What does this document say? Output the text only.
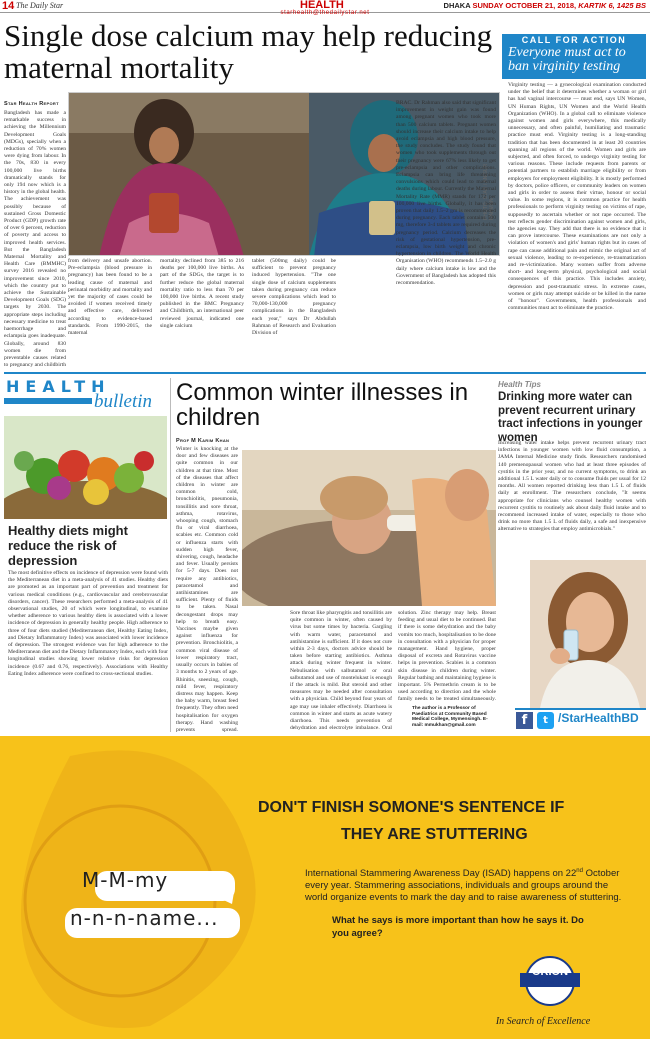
14 The Daily Star	HEALTH
starhealth@thedailystar.net
DHAKA SUNDAY OCTOBER 21, 2018, KARTIK 6, 1425 BS
Single dose calcium may help reducing maternal mortality
Star Health Report
Bangladesh has made a remarkable success in achieving the Millennium Development Goals (MDGs), specially when a reduction of 70% women were dying from labour. In the 70s, 830 in every 100,000 live births dramatically stands for only 194 now which is a history in the global health. The achievement was possibly because of sustained Gross Domestic Product (GDP) growth rate of over 6 percent, reduction of poverty and access to improved health services. But the Bangladesh Maternal Mortality and Health Care (BMMHC) survey 2016 revealed no improvement since 2010, which the country put to achieve the Sustainable Development Goals (SDG) targets by 2030. The appropriate steps including necessary medicine to treat haemorrhage and eclampsia goes inadequate. Globally, around 830 women die from preventable causes related to pregnancy and childbirth
PHOTO: STAR / ANISUR RAHMAN
from delivery and unsafe abortion. Pre-eclampsia (blood pressure in pregnancy) has been found to be a leading cause of maternal and perinatal morbidity and mortality and yet the majority of cases could be avoided if women received timely and effective care, delivered according to evidence-based standards. From 1990-2015, the maternal
mortality declined from 385 to 216 deaths per 100,000 live births. As part of the SDGs, the target is to further reduce the global maternal mortality ratio to less than 70 per 100,000 live births. A recent study published in the BMC Pregnancy and Childbirth, an international peer reviewed journal, indicated one single calcium
tablet (500mg daily) could be sufficient to prevent pregnancy induced hypertension. "The one single dose of calcium supplements taken during pregnancy can reduce severe complications which lead to 70,000-130,000 pregnancy complications in the Bangladesh each year," says Dr Abdullah Rahman of Research and Evaluation Division of
BRAC. Dr Rahman also said that significant improvement in weight gain was found among pregnant women who took more than 500 calcium tablets. Pregnant women should increase their calcium intake to help avoid eclampsia and high blood pressure, the study concludes. The study found that women who took supplements through out their pregnancy were 67% less likely to get pre-eclampsia and other complications. Eclampsia can bring life threatening convulsions which could lead to maternal deaths during labour. Currently the Maternal Mortality Rate (MMR) stands for 172 per 100,000 live births. Globally, it has been proven that daily 1.5–2 gm is recommended during pregnancy. Each tablet contains 500 mg, therefore 3-4 tablets are required during pregnancy period. Calcium decreases the risk of gestational hypertension, pre-eclampsia, low birth weight and chronic hypertension in children. The World Health Organisation (WHO) recommends 1.5–2.0 g daily where calcium intake is low and the Government of Bangladesh has adopted this recommendation.
CALL FOR ACTION
Everyone must act to ban virginity testing
Virginity testing — a gynecological examination conducted under the belief that it determines whether a woman or girl has had vaginal intercourse — must end, says UN Women, UN Human Rights, UN Women and the World Health Organization (WHO). In a global call to eliminate violence against women and girls everywhere, this medically unnecessary, and often painful, humiliating and traumatic practice must end. Virginity testing is a long-standing tradition that has been documented in at least 20 countries spanning all regions of the world. Women and girls are subjected, and often forced, to undergo virginity testing for various reasons. These include requests from parents or potential partners to establish marriage eligibility or from employers for employment eligibility. It is mostly performed by doctors, police officers, or community leaders on women and girls in order to assess their virtue, honour or social value. In some regions, it is common practice for health professionals to perform virginity testing on victims of rape, supposedly to ascertain whether or not rape occurred. The test reflects gender discrimination against women and girls, the agencies say. They add that there is no evidence that it can prove intercourse. These examinations are not only a violation of women's and girls' human rights but in cases of rape can cause additional pain and mimic the original act of sexual violence, leading to re-experience, re-traumatization and re-victimization. Many women suffer from adverse short- and long-term physical, psychological and social consequences of this practice. This includes anxiety, depression and post-traumatic stress. In extreme cases, women or girls may attempt suicide or be killed in the name of "honour". Governments, health professionals and communities must act to eliminate the practice.
HEALTH
bulletin
Healthy diets might reduce the risk of depression
The most definitive effects on incidence of depression were found with the Mediterranean diet in a meta-analysis of 41 studies. Healthy diets are promoted as an important part of prevention and treatment for various medical conditions (e.g., cardiovascular and cerebrovascular disorders, cancer). These researchers performed a meta-analysis of 41 observational studies, 20 of which were longitudinal, to examine whether adherence to various healthy diets is associated with a lower incidence of depression in generally healthy people. High adherence to three of four diets studied (Mediterranean diet, Healthy Eating Index, and Dietary Inflammatory Index) was associated with lower incidence of depression. The strongest evidence was for high adherence to the Mediterranean diet and the Dietary Inflammatory Index, each with four longitudinal studies showing lower relative risks for depression incidence (0.67 and 0.76, respectively). Associations with Healthy Eating Index adherence were confined to cross-sectional studies.
Common winter illnesses in children
Prof M Karim Khan
Winter is knocking at the door and few diseases are quite common in our children at that time. Most of the diseases that affect children in winter are common cold, bronchiolitis, pneumonia, tonsillitis and sore throat, asthma, rotavirus, whooping cough, stomach flu or viral diarrhoea, scabies etc. Common cold or influenza starts with sudden high fever, shivering, cough, headache and fever. Usually persists for 5-7 days. Does not require any antibiotics, paracetamol and antihistamines are sufficient. Plenty of fluids to be taken. Nasal decongestant drops may help to breath easy. Vaccines maybe given against influenza for prevention. Bronchiolitis, a common viral disease of lower respiratory tract, usually occurs in babies of 3 months to 2 years of age. Rhinitis, sneezing, cough, mild fever, respiratory distress may happen. Keep the baby warm, breast feed frequently. They often need hospitalisation for oxygen therapy. Hand washing prevents spread.
Sore throat like pharyngitis and tonsillitis are quite common in winter, often caused by virus but some times by bacteria. Gargling with warm water, paracetamol and antihistamine is sufficient. If it does not cure within 2-3 days, doctors advice should be taken before starting antibiotics. Asthma attack during winter frequent in winter. Nebulisation with salbutamol or oral salbutamol and use of montelukast is enough if the attack is mild. But steroid and other measures may be needed after consultation with a physician. Child beyond four years of age may use inhaler effectively. Diarrhoea is common in winter and starts as acute watery diarrhoea. This needs prevention of dehydration and electrolyte imbalance. Oral
solution. Zinc therapy may help. Breast feeding and usual diet to be continued. But if there is some dehydration and the baby vomits too much, hospitalisation to be done in consultation with a physician for proper management. Hand hygiene, proper disposal of excreta and Rotavirus vaccine helps in prevention. Scabies is a common skin disease in children during winter. Regular bathing and maintaining hygiene is important. 5% Permethrin cream is to be used according to direction and the whole family needs to be treated simultaneously.
The author is a Professor of Paediatrics at Community Based Medical College, Mymensingh. E-mail: mmukhan@gmail.com
Health Tips
Drinking more water can prevent recurrent urinary tract infections in younger women
Increasing water intake helps prevent recurrent urinary tract infections in younger women with low fluid consumption, a JAMA Internal Medicine study finds. Researchers randomised 140 premenopausal women who had at least three episodes of cystitis in the prior year, and no current symptoms, to drink an additional 1.5 L water daily or to consume fluids per usual for 12 months. All women reported drinking less than 1.5 L of fluids daily at enrollment. The researchers conclude, "It seems appropriate for clinicians who counsel healthy women with recurrent cystitis to routinely ask about daily fluid intake and to recommend increased intake of water, especially to those who drink no more than 1.5 L of fluids daily, a safe and inexpensive alternative to strategies that employ antimicrobials."
f	t /StarHealthBD
M-M-my
n-n-n-name...
DON'T FINISH SOMONE'S SENTENCE IF
THEY ARE STUTTERING
International Stammering Awareness Day (ISAD) happens on 22nd October every year. Stammering associations, individuals and groups around the world organize events to mark the day and to raise awareness of stuttering.
What he says is more important than how he says it. Do you agree?
ORION
Pharma Ltd.
In Search of Excellence
